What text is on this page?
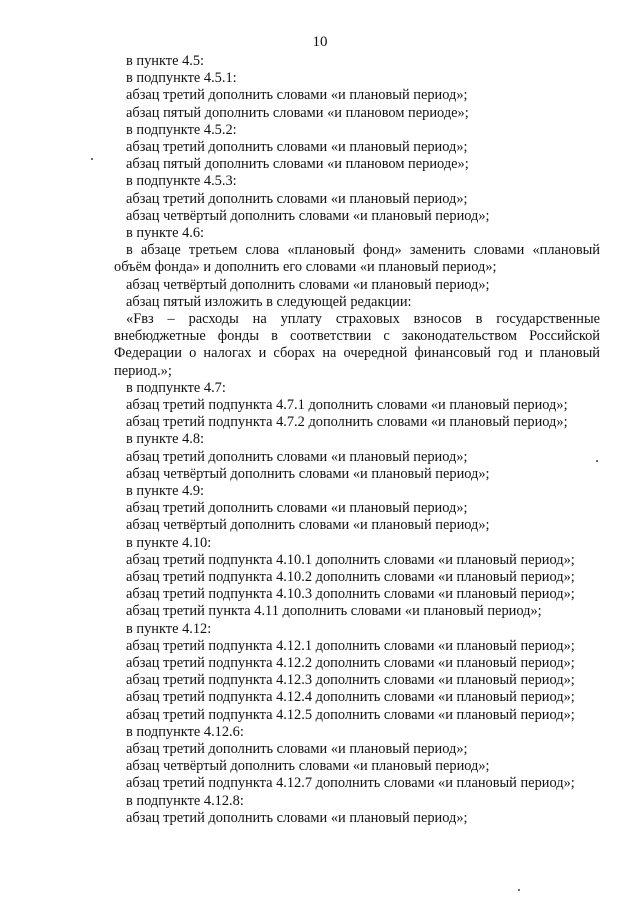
10
в пункте 4.5:
в подпункте 4.5.1:
абзац третий дополнить словами «и плановый период»;
абзац пятый дополнить словами «и плановом периоде»;
в подпункте 4.5.2:
абзац третий дополнить словами «и плановый период»;
абзац пятый дополнить словами «и плановом периоде»;
в подпункте 4.5.3:
абзац третий дополнить словами «и плановый период»;
абзац четвёртый дополнить словами «и плановый период»;
в пункте 4.6:
в абзаце третьем слова «плановый фонд» заменить словами «плановый
объём фонда» и дополнить его словами «и плановый период»;
абзац четвёртый дополнить словами «и плановый период»;
абзац пятый изложить в следующей редакции:
«Fвз – расходы на уплату страховых взносов в государственные
внебюджетные фонды в соответствии с законодательством Российской
Федерации о налогах и сборах на очередной финансовый год и плановый
период.»;
в подпункте 4.7:
абзац третий подпункта 4.7.1 дополнить словами «и плановый период»;
абзац третий подпункта 4.7.2 дополнить словами «и плановый период»;
в пункте 4.8:
абзац третий дополнить словами «и плановый период»;
абзац четвёртый дополнить словами «и плановый период»;
в пункте 4.9:
абзац третий дополнить словами «и плановый период»;
абзац четвёртый дополнить словами «и плановый период»;
в пункте 4.10:
абзац третий подпункта 4.10.1 дополнить словами «и плановый период»;
абзац третий подпункта 4.10.2 дополнить словами «и плановый период»;
абзац третий подпункта 4.10.3 дополнить словами «и плановый период»;
абзац третий пункта 4.11 дополнить словами «и плановый период»;
в пункте 4.12:
абзац третий подпункта 4.12.1 дополнить словами «и плановый период»;
абзац третий подпункта 4.12.2 дополнить словами «и плановый период»;
абзац третий подпункта 4.12.3 дополнить словами «и плановый период»;
абзац третий подпункта 4.12.4 дополнить словами «и плановый период»;
абзац третий подпункта 4.12.5 дополнить словами «и плановый период»;
в подпункте 4.12.6:
абзац третий дополнить словами «и плановый период»;
абзац четвёртый дополнить словами «и плановый период»;
абзац третий подпункта 4.12.7 дополнить словами «и плановый период»;
в подпункте 4.12.8:
абзац третий дополнить словами «и плановый период»;
